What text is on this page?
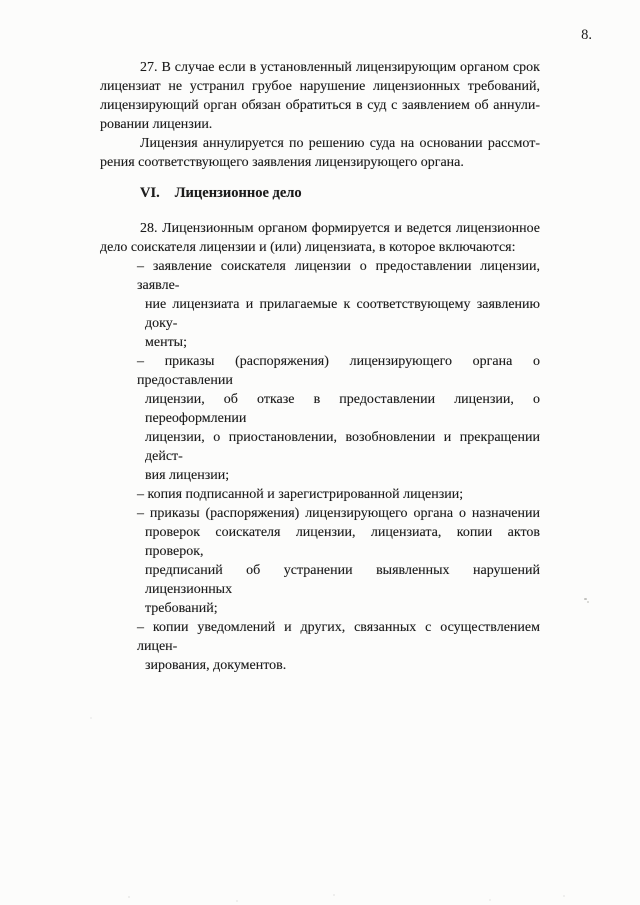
8.
27. В случае если в установленный лицензирующим органом срок
лицензиат не устранил грубое нарушение лицензионных требований,
лицензирующий орган обязан обратиться в суд с заявлением об аннули-
ровании лицензии.
Лицензия аннулируется по решению суда на основании рассмот-
рения соответствующего заявления лицензирующего органа.
VI. Лицензионное дело
28. Лицензионным органом формируется и ведется лицензионное
дело соискателя лицензии и (или) лицензиата, в которое включаются:
– заявление соискателя лицензии о предоставлении лицензии, заявле-
ние лицензиата и прилагаемые к соответствующему заявлению доку-
менты;
– приказы (распоряжения) лицензирующего органа о предоставлении
лицензии, об отказе в предоставлении лицензии, о переоформлении
лицензии, о приостановлении, возобновлении и прекращении дейст-
вия лицензии;
– копия подписанной и зарегистрированной лицензии;
– приказы (распоряжения) лицензирующего органа о назначении
проверок соискателя лицензии, лицензиата, копии актов проверок,
предписаний об устранении выявленных нарушений лицензионных
требований;
– копии уведомлений и других, связанных с осуществлением лицен-
зирования, документов.
